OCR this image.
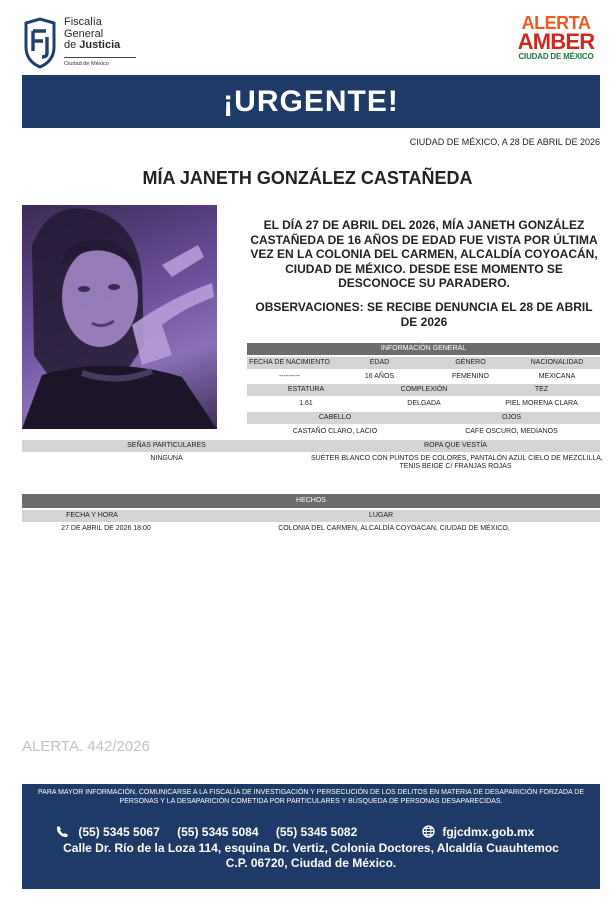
Fiscalía
General
de Justicia
Ciudad de México
ALERTA
AMBER
CIUDAD DE MÉXICO
¡URGENTE!
CIUDAD DE MÉXICO, A 28 DE ABRIL DE 2026
MÍA JANETH GONZÁLEZ CASTAÑEDA
EL DÍA 27 DE ABRIL DEL 2026, MÍA JANETH GONZÁLEZ CASTAÑEDA DE 16 AÑOS DE EDAD FUE VISTA POR ÚLTIMA VEZ EN LA COLONIA DEL CARMEN, ALCALDÍA COYOACÁN, CIUDAD DE MÉXICO. DESDE ESE MOMENTO SE DESCONOCE SU PARADERO.
OBSERVACIONES: SE RECIBE DENUNCIA EL 28 DE ABRIL DE 2026
INFORMACIÓN GENERAL
FECHA DE NACIMIENTO	EDAD	GÉNERO	NACIONALIDAD
---------	16 AÑOS	FEMENINO	MEXICANA
ESTATURA	COMPLEXIÓN	TEZ
1.61	DELGADA	PIEL MORENA CLARA
CABELLO	OJOS
CASTAÑO CLARO, LACIO	CAFE OSCURO, MEDIANOS
SEÑAS PARTICULARES	ROPA QUE VESTÍA
NINGUNA	SUÉTER BLANCO CON PUNTOS DE COLORES, PANTALÓN AZUL CIELO DE MEZCLILLA,
TENIS BEIGE C/ FRANJAS ROJAS
HECHOS
FECHA Y HORA	LUGAR
27 DE ABRIL DE 2026 18:00	COLONIA DEL CARMEN, ALCALDÍA COYOACAN, CIUDAD DE MÉXICO,
ALERTA. 442/2026
PARA MAYOR INFORMACIÓN, COMUNICARSE A LA FISCALÍA DE INVESTIGACIÓN Y PERSECUCIÓN DE LOS DELITOS EN MATERIA DE DESAPARICIÓN FORZADA DE PERSONAS Y LA DESAPARICIÓN COMETIDA POR PARTICULARES Y BÚSQUEDA DE PERSONAS DESAPARECIDAS.
(55) 5345 5067 (55) 5345 5084 (55) 5345 5082	fgjcdmx.gob.mx
Calle Dr. Río de la Loza 114, esquina Dr. Vertiz, Colonia Doctores, Alcaldía Cuauhtemoc
C.P. 06720, Ciudad de México.
